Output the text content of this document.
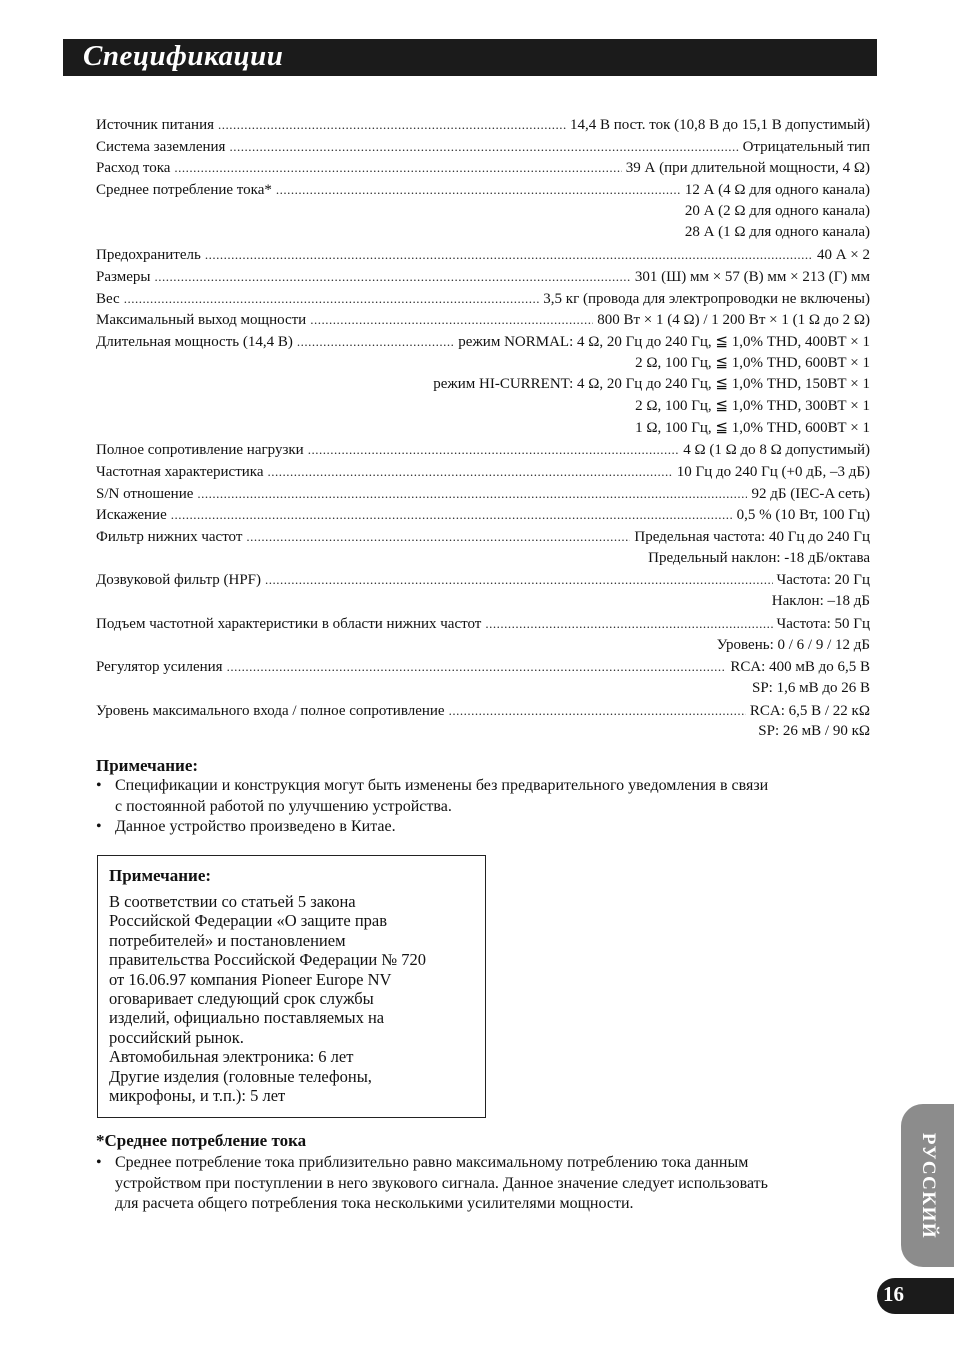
Спецификации
Источник питания .....	14,4 В пост. ток (10,8 В до 15,1 В допустимый)
Система заземления .....	Отрицательный тип
Расход тока .....	39 А (при длительной мощности, 4 Ω)
Среднее потребление тока* .....	12 А (4 Ω для одного канала)
20 А (2 Ω для одного канала)
28 А (1 Ω для одного канала)
Предохранитель .....	40 А × 2
Размеры .....	301 (Ш) мм × 57 (В) мм × 213 (Г) мм
Вес .....	3,5 кг (провода для электропроводки не включены)
Максимальный выход мощности .....	800 Вт × 1 (4 Ω) / 1 200 Вт × 1 (1 Ω до 2 Ω)
Длительная мощность (14,4 В) .....	режим NORMAL: 4 Ω, 20 Гц до 240 Гц, ≦ 1,0% THD, 400ВТ × 1
2 Ω, 100 Гц, ≦ 1,0% THD, 600ВТ × 1
режим HI-CURRENT: 4 Ω, 20 Гц до 240 Гц, ≦ 1,0% THD, 150ВТ × 1
2 Ω, 100 Гц, ≦ 1,0% THD, 300ВТ × 1
1 Ω, 100 Гц, ≦ 1,0% THD, 600ВТ × 1
Полное сопротивление нагрузки .....	4 Ω (1 Ω до 8 Ω допустимый)
Частотная характеристика .....	10 Гц до 240 Гц (+0 дБ, –3 дБ)
S/N отношение .....	92 дБ (IEC-A сеть)
Искажение .....	0,5 % (10 Вт, 100 Гц)
Фильтр нижних частот .....	Предельная частота: 40 Гц до 240 Гц
Предельный наклон: -18 дБ/октава
Дозвуковой фильтр (HPF) .....	Частота: 20 Гц
Наклон: –18 дБ
Подъем частотной характеристики в области нижних частот .....	Частота: 50 Гц
Уровень: 0 / 6 / 9 / 12 дБ
Регулятор усиления .....	RCA: 400 мВ до 6,5 В
SP: 1,6 мВ до 26 В
Уровень максимального входа / полное сопротивление .....	RCA: 6,5 В / 22 кΩ
SP: 26 мВ / 90 кΩ
Примечание:
• Спецификации и конструкция могут быть изменены без предварительного уведомления в связи
с постоянной работой по улучшению устройства.
• Данное устройство произведено в Китае.
Примечание:
В соответствии со статьей 5 закона
Российской Федерации «О защите прав
потребителей» и постановлением
правительства Российской Федерации № 720
от 16.06.97 компания Pioneer Europe NV
оговаривает следующий срок службы
изделий, официально поставляемых на
российский рынок.
Автомобильная электроника: 6 лет
Другие изделия (головные телефоны,
микрофоны, и т.п.): 5 лет
*Среднее потребление тока
• Среднее потребление тока приблизительно равно максимальному потреблению тока данным
устройством при поступлении в него звукового сигнала. Данное значение следует использовать
для расчета общего потребления тока несколькими усилителями мощности.	РУССКИЙ
16
